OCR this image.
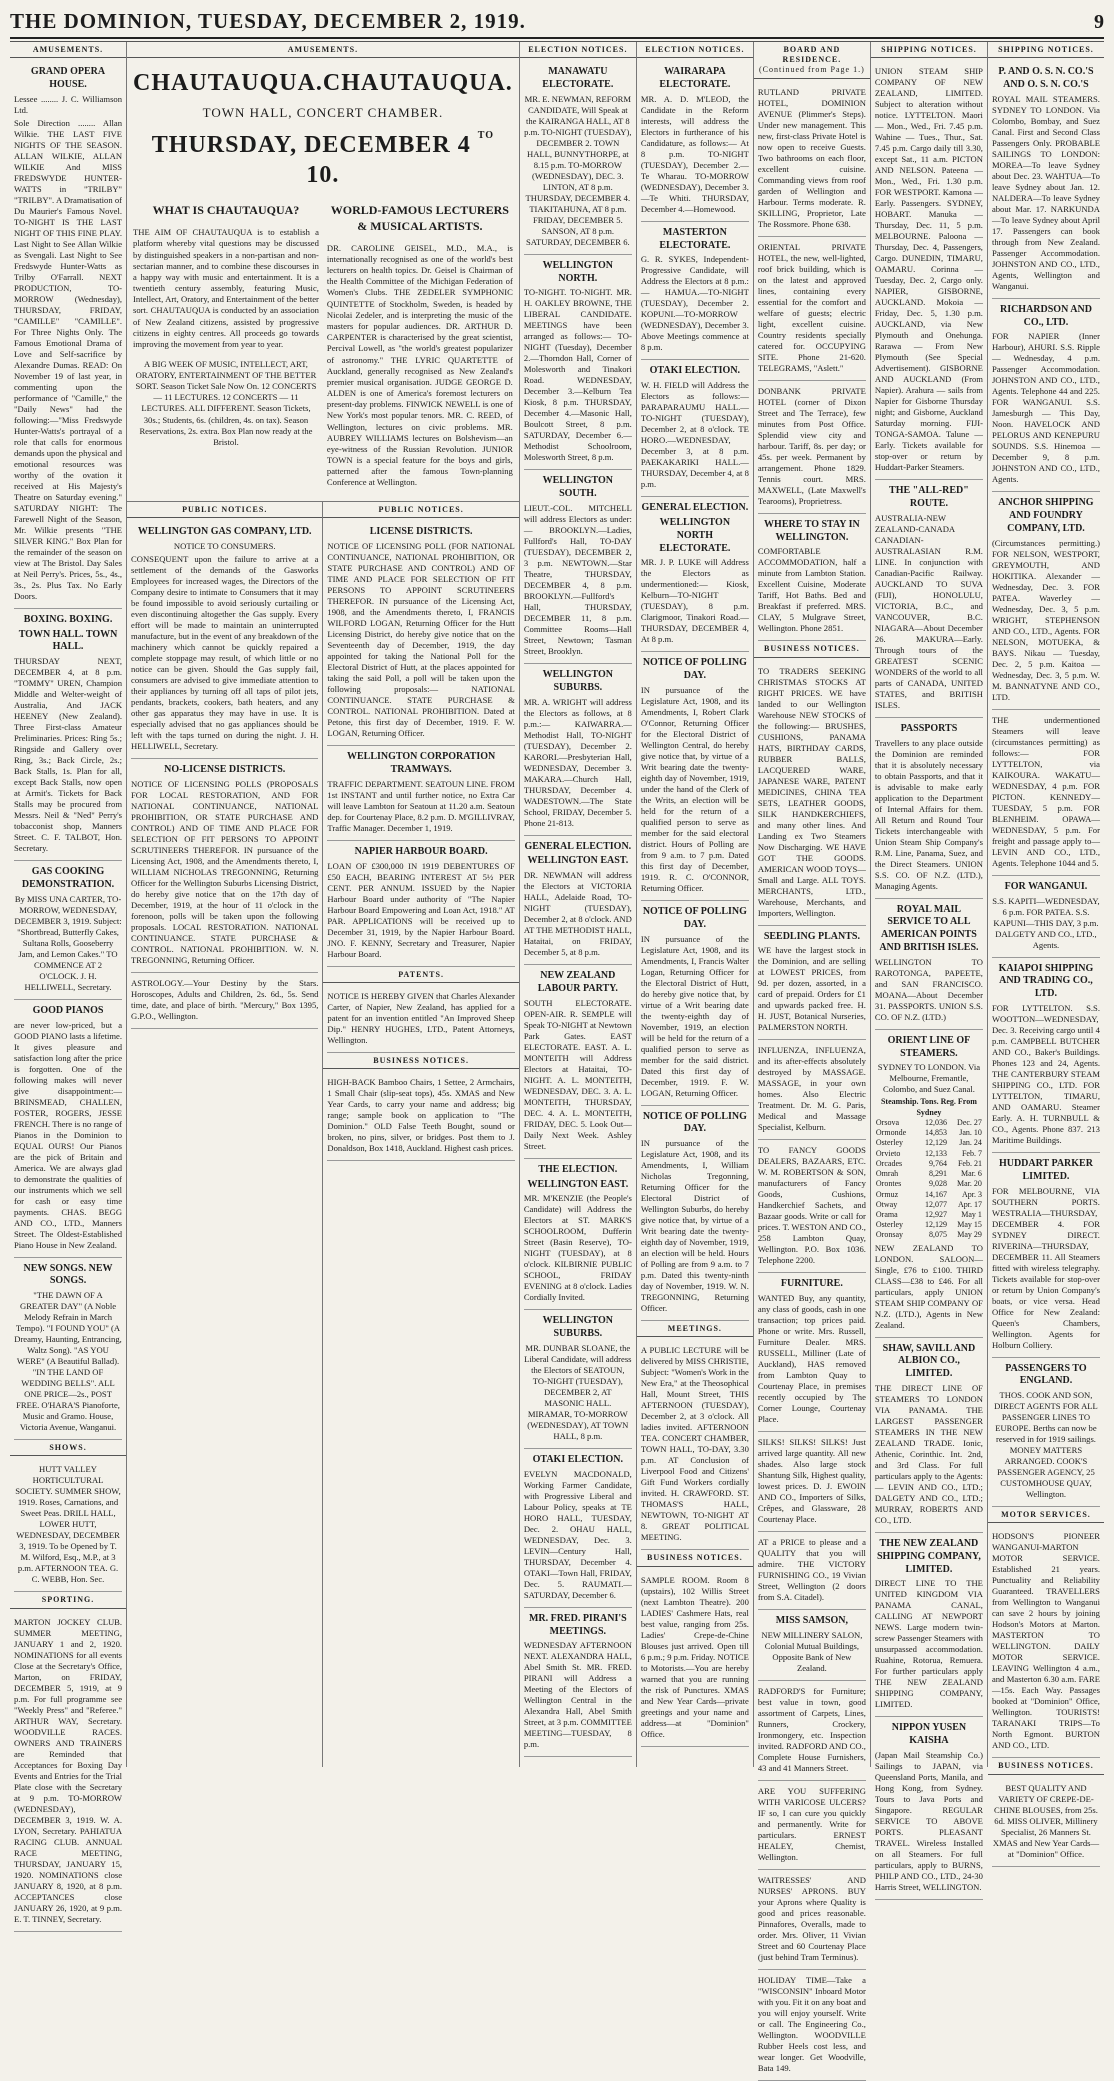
THE DOMINION, TUESDAY, DECEMBER 2, 1919.	9
AMUSEMENTS.
GRAND OPERA HOUSE.

Lessee ........ J. C. Williamson Ltd.

Sole Direction ........ Allan Wilkie. THE LAST FIVE NIGHTS OF THE SEASON. ALLAN WILKIE, ALLAN WILKIE And MISS FREDSWYDE HUNTER-WATTS in "TRILBY" "TRILBY". A Dramatisation of Du Maurier's Famous Novel. TO-NIGHT IS THE LAST NIGHT OF THIS FINE PLAY. Last Night to See Allan Wilkie as Svengali. Last Night to See Fredswyde Hunter-Watts as Trilby O'Farrall. NEXT PRODUCTION, TO-MORROW (Wednesday), THURSDAY, FRIDAY, "CAMILLE" "CAMILLE". For Three Nights Only. The Famous Emotional Drama of Love and Self-sacrifice by Alexandre Dumas. READ: On November 19 of last year, in commenting upon the performance of "Camille," the "Daily News" had the following:—"Miss Fredswyde Hunter-Watts's portrayal of a role that calls for enormous demands upon the physical and emotional resources was worthy of the ovation it received at His Majesty's Theatre on Saturday evening." SATURDAY NIGHT: The Farewell Night of the Season, Mr. Wilkie presents "THE SILVER KING." Box Plan for the remainder of the season on view at The Bristol. Day Sales at Neil Perry's. Prices, 5s., 4s., 3s., 2s. Plus Tax. No Early Doors.

BOXING. BOXING.
TOWN HALL. TOWN HALL.

THURSDAY NEXT, DECEMBER 4, at 8 p.m. "TOMMY" UREN, Champion Middle and Welter-weight of Australia, And JACK HEENEY (New Zealand). Three First-class Amateur Preliminaries. Prices: Ring 5s.; Ringside and Gallery over Ring, 3s.; Back Circle, 2s.; Back Stalls, 1s. Plan for all, except Back Stalls, now open at Armit's. Tickets for Back Stalls may be procured from Messrs. Neil & "Ned" Perry's tobacconist shop, Manners Street. C. F. TALBOT, Hon. Secretary.

GAS COOKING DEMONSTRATION.

By MISS UNA CARTER, TO-MORROW, WEDNESDAY, DECEMBER 3, 1919. Subject: "Shortbread, Butterfly Cakes, Sultana Rolls, Gooseberry Jam, and Lemon Cakes." TO COMMENCE AT 2 O'CLOCK. J. H. HELLIWELL, Secretary.

GOOD PIANOS

are never low-priced, but a GOOD PIANO lasts a lifetime. It gives pleasure and satisfaction long after the price is forgotten. One of the following makes will never give disappointment:— BRINSMEAD, CHALLEN, FOSTER, ROGERS, JESSE FRENCH. There is no range of Pianos in the Dominion to EQUAL OURS! Our Pianos are the pick of Britain and America. We are always glad to demonstrate the qualities of our instruments which we sell for cash or easy time payments. CHAS. BEGG AND CO., LTD., Manners Street. The Oldest-Established Piano House in New Zealand.

NEW SONGS. NEW SONGS.

"THE DAWN OF A GREATER DAY" (A Noble Melody Refrain in March Tempo). "I FOUND YOU" (A Dreamy, Haunting, Entrancing, Waltz Song). "AS YOU WERE" (A Beautiful Ballad). "IN THE LAND OF WEDDING BELLS". ALL ONE PRICE—2s., POST FREE. O'HARA'S Pianoforte, Music and Gramo. House, Victoria Avenue, Wanganui.

SHOWS.

HUTT VALLEY HORTICULTURAL SOCIETY. SUMMER SHOW, 1919. Roses, Carnations, and Sweet Peas. DRILL HALL, LOWER HUTT, WEDNESDAY, DECEMBER 3, 1919. To be Opened by T. M. Wilford, Esq., M.P., at 3 p.m. AFTERNOON TEA. G. C. WEBB, Hon. Sec.

SPORTING.

MARTON JOCKEY CLUB. SUMMER MEETING, JANUARY 1 and 2, 1920. NOMINATIONS for all events Close at the Secretary's Office, Marton, on FRIDAY, DECEMBER 5, 1919, at 9 p.m. For full programme see "Weekly Press" and "Referee." ARTHUR WAY, Secretary. WOODVILLE RACES. OWNERS AND TRAINERS are Reminded that Acceptances for Boxing Day Events and Entries for the Trial Plate close with the Secretary at 9 p.m. TO-MORROW (WEDNESDAY), DECEMBER 3, 1919. W. A. LYON, Secretary. PAHIATUA RACING CLUB. ANNUAL RACE MEETING, THURSDAY, JANUARY 15, 1920. NOMINATIONS close JANUARY 8, 1920, at 8 p.m. ACCEPTANCES close JANUARY 26, 1920, at 9 p.m. E. T. TINNEY, Secretary.

AMUSEMENTS.
CHAUTAUQUA. CHAUTAUQUA.
TOWN HALL, CONCERT CHAMBER.
THURSDAY, DECEMBER 4 $^{TO}$ 10.
WHAT IS CHAUTAUQUA?

THE AIM OF CHAUTAUQUA is to establish a platform whereby vital questions may be discussed by distinguished speakers in a non-partisan and non-sectarian manner, and to combine these discourses in a happy way with music and entertainment. It is a twentieth century assembly, featuring Music, Intellect, Art, Oratory, and Entertainment of the better sort. CHAUTAUQUA is conducted by an association of New Zealand citizens, assisted by progressive citizens in eighty centres. All proceeds go towards improving the movement from year to year.

A BIG WEEK OF MUSIC, INTELLECT, ART, ORATORY, ENTERTAINMENT OF THE BETTER SORT. Season Ticket Sale Now On. 12 CONCERTS — 11 LECTURES. 12 CONCERTS — 11 LECTURES. ALL DIFFERENT. Season Tickets, 30s.; Students, 6s. (children, 4s. on tax). Season Reservations, 2s. extra. Box Plan now ready at the Bristol.

WORLD-FAMOUS LECTURERS & MUSICAL ARTISTS.

DR. CAROLINE GEISEL, M.D., M.A., is internationally recognised as one of the world's best lecturers on health topics. Dr. Geisel is Chairman of the Health Committee of the Michigan Federation of Women's Clubs. THE ZEDELER SYMPHONIC QUINTETTE of Stockholm, Sweden, is headed by Nicolai Zedeler, and is interpreting the music of the masters for popular audiences. DR. ARTHUR D. CARPENTER is characterised by the great scientist, Percival Lowell, as "the world's greatest popularizer of astronomy." THE LYRIC QUARTETTE of Auckland, generally recognised as New Zealand's premier musical organisation. JUDGE GEORGE D. ALDEN is one of America's foremost lecturers on present-day problems. FINWICK NEWELL is one of New York's most popular tenors. MR. C. REED, of Wellington, lectures on civic problems. MR. AUBREY WILLIAMS lectures on Bolshevism—an eye-witness of the Russian Revolution. JUNIOR TOWN is a special feature for the boys and girls, patterned after the famous Town-planning Conference at Wellington.

PUBLIC NOTICES.
WELLINGTON GAS COMPANY, LTD.
NOTICE TO CONSUMERS.

CONSEQUENT upon the failure to arrive at a settlement of the demands of the Gasworks Employees for increased wages, the Directors of the Company desire to intimate to Consumers that it may be found impossible to avoid seriously curtailing or even discontinuing altogether the Gas supply. Every effort will be made to maintain an uninterrupted manufacture, but in the event of any breakdown of the machinery which cannot be quickly repaired a complete stoppage may result, of which little or no notice can be given. Should the Gas supply fail, consumers are advised to give immediate attention to their appliances by turning off all taps of pilot jets, pendants, brackets, cookers, bath heaters, and any other gas apparatus they may have in use. It is especially advised that no gas appliances should be left with the taps turned on during the night. J. H. HELLIWELL, Secretary.

NO-LICENSE DISTRICTS.

NOTICE OF LICENSING POLLS (PROPOSALS FOR LOCAL RESTORATION, AND FOR NATIONAL CONTINUANCE, NATIONAL PROHIBITION, OR STATE PURCHASE AND CONTROL) AND OF TIME AND PLACE FOR SELECTION OF FIT PERSONS TO APPOINT SCRUTINEERS THEREFOR. IN pursuance of the Licensing Act, 1908, and the Amendments thereto, I, WILLIAM NICHOLAS TREGONNING, Returning Officer for the Wellington Suburbs Licensing District, do hereby give notice that on the 17th day of December, 1919, at the hour of 11 o'clock in the forenoon, polls will be taken upon the following proposals. LOCAL RESTORATION. NATIONAL CONTINUANCE. STATE PURCHASE & CONTROL. NATIONAL PROHIBITION. W. N. TREGONNING, Returning Officer.

ASTROLOGY.—Your Destiny by the Stars. Horoscopes, Adults and Children, 2s. 6d., 5s. Send time, date, and place of birth. "Mercury," Box 1395, G.P.O., Wellington.

PUBLIC NOTICES.
LICENSE DISTRICTS.

NOTICE OF LICENSING POLL (FOR NATIONAL CONTINUANCE, NATIONAL PROHIBITION, OR STATE PURCHASE AND CONTROL) AND OF TIME AND PLACE FOR SELECTION OF FIT PERSONS TO APPOINT SCRUTINEERS THEREFOR. IN pursuance of the Licensing Act, 1908, and the Amendments thereto, I, FRANCIS WILFORD LOGAN, Returning Officer for the Hutt Licensing District, do hereby give notice that on the Seventeenth day of December, 1919, the day appointed for taking the National Poll for the Electoral District of Hutt, at the places appointed for taking the said Poll, a poll will be taken upon the following proposals:— NATIONAL CONTINUANCE. STATE PURCHASE & CONTROL. NATIONAL PROHIBITION. Dated at Petone, this first day of December, 1919. F. W. LOGAN, Returning Officer.

WELLINGTON CORPORATION TRAMWAYS.

TRAFFIC DEPARTMENT. SEATOUN LINE. FROM 1st INSTANT and until further notice, no Extra Car will leave Lambton for Seatoun at 11.20 a.m. Seatoun dep. for Courtenay Place, 8.2 p.m. D. M'GILLIVRAY, Traffic Manager. December 1, 1919.

NAPIER HARBOUR BOARD.

LOAN OF £300,000 IN 1919 DEBENTURES OF £50 EACH, BEARING INTEREST AT 5½ PER CENT. PER ANNUM. ISSUED by the Napier Harbour Board under authority of "The Napier Harbour Board Empowering and Loan Act, 1918." AT PAR. APPLICATIONS will be received up to December 31, 1919, by the Napier Harbour Board. JNO. F. KENNY, Secretary and Treasurer, Napier Harbour Board.

PATENTS.

NOTICE IS HEREBY GIVEN that Charles Alexander Carter, of Napier, New Zealand, has applied for a patent for an invention entitled "An Improved Sheep Dip." HENRY HUGHES, LTD., Patent Attorneys, Wellington.

BUSINESS NOTICES.

HIGH-BACK Bamboo Chairs, 1 Settee, 2 Armchairs, 1 Small Chair (slip-seat tops), 45s. XMAS and New Year Cards, to carry your name and address; big range; sample book on application to "The Dominion." OLD False Teeth Bought, sound or broken, no pins, silver, or bridges. Post them to J. Donaldson, Box 1418, Auckland. Highest cash prices.

ELECTION NOTICES.
MANAWATU ELECTORATE.

MR. E. NEWMAN, REFORM CANDIDATE, Will Speak at the KAIRANGA HALL, AT 8 p.m. TO-NIGHT (TUESDAY), DECEMBER 2. TOWN HALL, BUNNYTHORPE, at 8.15 p.m. TO-MORROW (WEDNESDAY), DEC. 3. LINTON, AT 8 p.m. THURSDAY, DECEMBER 4. TIAKITAHUNA, AT 8 p.m. FRIDAY, DECEMBER 5. SANSON, AT 8 p.m. SATURDAY, DECEMBER 6.

WELLINGTON NORTH.

TO-NIGHT. TO-NIGHT. MR. H. OAKLEY BROWNE, THE LIBERAL CANDIDATE. MEETINGS have been arranged as follows:— TO-NIGHT (Tuesday), December 2.—Thorndon Hall, Corner of Molesworth and Tinakori Road. WEDNESDAY, December 3.—Kelburn Tea Kiosk, 8 p.m. THURSDAY, December 4.—Masonic Hall, Boulcott Street, 8 p.m. SATURDAY, December 6.—Methodist Schoolroom, Molesworth Street, 8 p.m.

WELLINGTON SOUTH.

LIEUT.-COL. MITCHELL will address Electors as under:— BROOKLYN.—Ladies, Fullford's Hall, TO-DAY (TUESDAY), DECEMBER 2, 3 p.m. NEWTOWN.—Star Theatre, THURSDAY, DECEMBER 4, 8 p.m. BROOKLYN.—Fullford's Hall, THURSDAY, DECEMBER 11, 8 p.m. Committee Rooms—Hall Street, Newtown; Tasman Street, Brooklyn.

WELLINGTON SUBURBS.

MR. A. WRIGHT will address the Electors as follows, at 8 p.m.:— KAIWARRA.—Methodist Hall, TO-NIGHT (TUESDAY), December 2. KARORI.—Presbyterian Hall, WEDNESDAY, December 3. MAKARA.—Church Hall, THURSDAY, December 4. WADESTOWN.—The State School, FRIDAY, December 5. Phone 21-813.

GENERAL ELECTION.
WELLINGTON EAST.

DR. NEWMAN will address the Electors at VICTORIA HALL, Adelaide Road, TO-NIGHT (TUESDAY), December 2, at 8 o'clock. AND AT THE METHODIST HALL, Hataitai, on FRIDAY, December 5, at 8 p.m.

NEW ZEALAND LABOUR PARTY.

SOUTH ELECTORATE. OPEN-AIR. R. SEMPLE will Speak TO-NIGHT at Newtown Park Gates. EAST ELECTORATE. EAST. A. L. MONTEITH will Address Electors at Hataitai, TO-NIGHT. A. L. MONTEITH, WEDNESDAY, DEC. 3. A. L. MONTEITH, THURSDAY, DEC. 4. A. L. MONTEITH, FRIDAY, DEC. 5. Look Out—Daily Next Week. Ashley Street.

THE ELECTION.
WELLINGTON EAST.

MR. M'KENZIE (the People's Candidate) will Address the Electors at ST. MARK'S SCHOOLROOM, Dufferin Street (Basin Reserve), TO-NIGHT (TUESDAY), at 8 o'clock. KILBIRNIE PUBLIC SCHOOL, FRIDAY EVENING at 8 o'clock. Ladies Cordially Invited.

WELLINGTON SUBURBS.

MR. DUNBAR SLOANE, the Liberal Candidate, will address the Electors of SEATOUN, TO-NIGHT (TUESDAY), DECEMBER 2, AT MASONIC HALL. MIRAMAR, TO-MORROW (WEDNESDAY), AT TOWN HALL, 8 p.m.

OTAKI ELECTION.

EVELYN MACDONALD, Working Farmer Candidate, with Progressive Liberal and Labour Policy, speaks at TE HORO HALL, TUESDAY, Dec. 2. OHAU HALL, WEDNESDAY, Dec. 3. LEVIN—Century Hall, THURSDAY, December 4. OTAKI—Town Hall, FRIDAY, Dec. 5. RAUMATI.—SATURDAY, December 6.

MR. FRED. PIRANI'S MEETINGS.

WEDNESDAY AFTERNOON NEXT. ALEXANDRA HALL, Abel Smith St. MR. FRED. PIRANI will Address a Meeting of the Electors of Wellington Central in the Alexandra Hall, Abel Smith Street, at 3 p.m. COMMITTEE MEETING—TUESDAY, 8 p.m.

ELECTION NOTICES.
WAIRARAPA ELECTORATE.

MR. A. D. M'LEOD, the Candidate in the Reform interests, will address the Electors in furtherance of his Candidature, as follows:— At 8 p.m. TO-NIGHT (TUESDAY), December 2.—Te Wharau. TO-MORROW (WEDNESDAY), December 3.—Te Whiti. THURSDAY, December 4.—Homewood.

MASTERTON ELECTORATE.

G. R. SYKES, Independent-Progressive Candidate, will Address the Electors at 8 p.m.:— HAMUA.—TO-NIGHT (TUESDAY), December 2. KOPUNI.—TO-MORROW (WEDNESDAY), December 3. Above Meetings commence at 8 p.m.

OTAKI ELECTION.

W. H. FIELD will Address the Electors as follows:— PARAPARAUMU HALL.—TO-NIGHT (TUESDAY), December 2, at 8 o'clock. TE HORO.—WEDNESDAY, December 3, at 8 p.m. PAEKAKARIKI HALL.—THURSDAY, December 4, at 8 p.m.

GENERAL ELECTION.
WELLINGTON NORTH ELECTORATE.

MR. J. P. LUKE will Address the Electors as undermentioned:— Kiosk, Kelburn—TO-NIGHT (TUESDAY), 8 p.m. Clarigmoor, Tinakori Road.—THURSDAY, DECEMBER 4, At 8 p.m.

NOTICE OF POLLING DAY.

IN pursuance of the Legislature Act, 1908, and its Amendments, I, Robert Clark O'Connor, Returning Officer for the Electoral District of Wellington Central, do hereby give notice that, by virtue of a Writ bearing date the twenty-eighth day of November, 1919, under the hand of the Clerk of the Writs, an election will be held for the return of a qualified person to serve as member for the said electoral district. Hours of Polling are from 9 a.m. to 7 p.m. Dated this first day of December, 1919. R. C. O'CONNOR, Returning Officer.

NOTICE OF POLLING DAY.

IN pursuance of the Legislature Act, 1908, and its Amendments, I, Francis Walter Logan, Returning Officer for the Electoral District of Hutt, do hereby give notice that, by virtue of a Writ bearing date the twenty-eighth day of November, 1919, an election will be held for the return of a qualified person to serve as member for the said district. Dated this first day of December, 1919. F. W. LOGAN, Returning Officer.

NOTICE OF POLLING DAY.

IN pursuance of the Legislature Act, 1908, and its Amendments, I, William Nicholas Tregonning, Returning Officer for the Electoral District of Wellington Suburbs, do hereby give notice that, by virtue of a Writ bearing date the twenty-eighth day of November, 1919, an election will be held. Hours of Polling are from 9 a.m. to 7 p.m. Dated this twenty-ninth day of November, 1919. W. N. TREGONNING, Returning Officer.

MEETINGS.

A PUBLIC LECTURE will be delivered by MISS CHRISTIE, Subject: "Women's Work in the New Era," at the Theosophical Hall, Mount Street, THIS AFTERNOON (TUESDAY), December 2, at 3 o'clock. All ladies invited. AFTERNOON TEA. CONCERT CHAMBER, TOWN HALL, TO-DAY, 3.30 p.m. AT Conclusion of Liverpool Food and Citizens' Gift Fund Workers cordially invited. H. CRAWFORD. ST. THOMAS'S HALL, NEWTOWN, TO-NIGHT AT 8. GREAT POLITICAL MEETING.

BUSINESS NOTICES.

SAMPLE ROOM. Room 8 (upstairs), 102 Willis Street (next Lambton Theatre). 200 LADIES' Cashmere Hats, real best value, ranging from 25s. Ladies' Crepe-de-Chine Blouses just arrived. Open till 6 p.m.; 9 p.m. Friday. NOTICE to Motorists.—You are hereby warned that you are running the risk of Punctures. XMAS and New Year Cards—private greetings and your name and address—at "Dominion" Office.

BOARD AND RESIDENCE.
(Continued from Page 1.)

RUTLAND PRIVATE HOTEL, DOMINION AVENUE (Plimmer's Steps). Under new management. This new, first-class Private Hotel is now open to receive Guests. Two bathrooms on each floor, excellent cuisine. Commanding views from roof garden of Wellington and Harbour. Terms moderate. R. SKILLING, Proprietor, Late The Rossmore. Phone 638.

ORIENTAL PRIVATE HOTEL, the new, well-lighted, roof brick building, which is on the latest and approved lines, containing every essential for the comfort and welfare of guests; electric light, excellent cuisine. Country residents specially catered for. OCCUPYING SITE. Phone 21-620. TELEGRAMS, "Aslett."

DONBANK PRIVATE HOTEL (corner of Dixon Street and The Terrace), few minutes from Post Office. Splendid view city and harbour. Tariff, 8s. per day; or 45s. per week. Permanent by arrangement. Phone 1829. Tennis court. MRS. MAXWELL, (Late Maxwell's Tearooms), Proprietress.

WHERE TO STAY IN WELLINGTON.

COMFORTABLE ACCOMMODATION, half a minute from Lambton Station. Excellent Cuisine, Moderate Tariff, Hot Baths. Bed and Breakfast if preferred. MRS. CLAY, 5 Mulgrave Street, Wellington. Phone 2851.

BUSINESS NOTICES.

TO TRADERS SEEKING CHRISTMAS STOCKS AT RIGHT PRICES. WE have landed to our Wellington Warehouse NEW STOCKS of the following:— BRUSHES, CUSHIONS, PANAMA HATS, BIRTHDAY CARDS, RUBBER BALLS, LACQUERED WARE, JAPANESE WARE, PATENT MEDICINES, CHINA TEA SETS, LEATHER GOODS, SILK HANDKERCHIEFS, and many other lines. And Landing ex Two Steamers Now Discharging. WE HAVE GOT THE GOODS. AMERICAN WOOD TOYS—Small and Large. ALL TOYS. MERCHANTS, LTD., Warehouse, Merchants, and Importers, Wellington.

SEEDLING PLANTS.

WE have the largest stock in the Dominion, and are selling at LOWEST PRICES, from 9d. per dozen, assorted, in a card of prepaid. Orders for £1 and upwards packed free. H. H. JUST, Botanical Nurseries, PALMERSTON NORTH.

INFLUENZA, INFLUENZA, and its after-effects absolutely destroyed by MASSAGE. MASSAGE, in your own homes. Also Electric Treatment. Dr. M. G. Paris, Medical and Massage Specialist, Kelburn.

TO FANCY GOODS DEALERS, BAZAARS, ETC. W. M. ROBERTSON & SON, manufacturers of Fancy Goods, Cushions, Handkerchief Sachets, and Bazaar goods. Write or call for prices. T. WESTON AND CO., 258 Lambton Quay, Wellington. P.O. Box 1036. Telephone 2200.

FURNITURE.

WANTED Buy, any quantity, any class of goods, cash in one transaction; top prices paid. Phone or write. Mrs. Russell, Furniture Dealer. MRS. RUSSELL, Milliner (Late of Auckland), HAS removed from Lambton Quay to Courtenay Place, in premises recently occupied by The Corner Lounge, Courtenay Place.

SILKS! SILKS! SILKS! Just arrived large quantity. All new shades. Also large stock Shantung Silk, Highest quality, lowest prices. D. J. EWOIN AND CO., Importers of Silks, Crêpes, and Glassware, 28 Courtenay Place.

AT a PRICE to please and a QUALITY that you will admire. THE VICTORY FURNISHING CO., 19 Vivian Street, Wellington (2 doors from S.A. Citadel).

MISS SAMSON,

NEW MILLINERY SALON, Colonial Mutual Buildings, Opposite Bank of New Zealand.

RADFORD'S for Furniture; best value in town, good assortment of Carpets, Lines, Runners, Crockery, Ironmongery, etc. Inspection invited. RADFORD AND CO., Complete House Furnishers, 43 and 41 Manners Street.

ARE YOU SUFFERING WITH VARICOSE ULCERS? IF so, I can cure you quickly and permanently. Write for particulars. ERNEST HEALEY, Chemist, Wellington.

WAITRESSES' AND NURSES' APRONS. BUY your Aprons where Quality is good and prices reasonable. Pinnafores, Overalls, made to order. Mrs. Oliver, 11 Vivian Street and 60 Courtenay Place (just behind Tram Terminus).

HOLIDAY TIME—Take a "WISCONSIN" Inboard Motor with you. Fit it on any boat and you will enjoy yourself. Write or call. The Engineering Co., Wellington. WOODVILLE Rubber Heels cost less, and wear longer. Get Woodville, Bata 149.

SHIPPING NOTICES.

UNION STEAM SHIP COMPANY OF NEW ZEALAND, LIMITED. Subject to alteration without notice. LYTTELTON. Maori — Mon., Wed., Fri. 7.45 p.m. Wahine — Tues., Thur., Sat. 7.45 p.m. Cargo daily till 3.30, except Sat., 11 a.m. PICTON AND NELSON. Pateena — Mon., Wed., Fri. 1.30 p.m. FOR WESTPORT. Kamona — Early. Passengers. SYDNEY, HOBART. Manuka — Thursday, Dec. 11, 5 p.m. MELBOURNE. Paloona — Thursday, Dec. 4, Passengers, Cargo. DUNEDIN, TIMARU, OAMARU. Corinna — Tuesday, Dec. 2, Cargo only. NAPIER, GISBORNE, AUCKLAND. Mokoia — Friday, Dec. 5, 1.30 p.m. AUCKLAND, via New Plymouth and Onehunga. Rarawa — From New Plymouth (See Special Advertisement). GISBORNE AND AUCKLAND (From Napier). Arahura — sails from Napier for Gisborne Thursday night; and Gisborne, Auckland Saturday morning. FIJI-TONGA-SAMOA. Talune — Early. Tickets available for stop-over or return by Huddart-Parker Steamers.

THE "ALL-RED" ROUTE.

AUSTRALIA-NEW ZEALAND-CANADA CANADIAN-AUSTRALASIAN R.M. LINE. In conjunction with Canadian-Pacific Railway. AUCKLAND TO SUVA (FIJI), HONOLULU, VICTORIA, B.C., and VANCOUVER, B.C. NIAGARA—About December 26. MAKURA—Early. Through tours of the GREATEST SCENIC WONDERS of the world to all parts of CANADA, UNITED STATES, and BRITISH ISLES.

PASSPORTS

Travellers to any place outside the Dominion are reminded that it is absolutely necessary to obtain Passports, and that it is advisable to make early application to the Department of Internal Affairs for them. All Return and Round Tour Tickets interchangeable with Union Steam Ship Company's R.M. Line, Panama, Suez, and the Direct Steamers. UNION S.S. CO. OF N.Z. (LTD.), Managing Agents.

ROYAL MAIL SERVICE TO ALL AMERICAN POINTS AND BRITISH ISLES.

WELLINGTON TO RAROTONGA, PAPEETE, and SAN FRANCISCO. MOANA—About December 31. PASSPORTS. UNION S.S. CO. OF N.Z. (LTD.)

ORIENT LINE OF STEAMERS.

SYDNEY TO LONDON. Via Melbourne, Fremantle, Colombo, and Suez Canal.

Steamship. Tons. Reg. From Sydney
Orsova	12,036	Dec. 27
Ormonde	14,853	Jan. 10
Osterley	12,129	Jan. 24
Orvieto	12,133	Feb. 7
Orcades	9,764	Feb. 21
Omrah	8,291	Mar. 6
Orontes	9,028	Mar. 20
Ormuz	14,167	Apr. 3
Otway	12,077	Apr. 17
Orama	12,927	May 1
Osterley	12,129	May 15
Oronsay	8,075	May 29

NEW ZEALAND TO LONDON. SALOON—Single, £76 to £100. THIRD CLASS—£38 to £46. For all particulars, apply UNION STEAM SHIP COMPANY OF N.Z. (LTD.), Agents in New Zealand.

SHAW, SAVILL AND ALBION CO., LIMITED.

THE DIRECT LINE OF STEAMERS TO LONDON VIA PANAMA. THE LARGEST PASSENGER STEAMERS IN THE NEW ZEALAND TRADE. Ionic, Athenic, Corinthic. Int. 2nd, and 3rd Class. For full particulars apply to the Agents:— LEVIN AND CO., LTD.; DALGETY AND CO., LTD.; MURRAY, ROBERTS AND CO., LTD.

THE NEW ZEALAND SHIPPING COMPANY, LIMITED.

DIRECT LINE TO THE UNITED KINGDOM VIA PANAMA CANAL, CALLING AT NEWPORT NEWS. Large modern twin-screw Passenger Steamers with unsurpassed accommodation. Ruahine, Rotorua, Remuera. For further particulars apply THE NEW ZEALAND SHIPPING COMPANY, LIMITED.

NIPPON YUSEN KAISHA

(Japan Mail Steamship Co.) Sailings to JAPAN, via Queensland Ports, Manila, and Hong Kong, from Sydney. Tours to Java Ports and Singapore. REGULAR SERVICE TO ABOVE PORTS. PLEASANT TRAVEL. Wireless Installed on all Steamers. For full particulars, apply to BURNS, PHILP AND CO., LTD., 24-30 Harris Street, WELLINGTON.

SHIPPING NOTICES.
P. AND O. S. N. CO.'S AND O. S. N. CO.'S

ROYAL MAIL STEAMERS. SYDNEY TO LONDON. Via Colombo, Bombay, and Suez Canal. First and Second Class Passengers Only. PROBABLE SAILINGS TO LONDON: MOREA—To leave Sydney about Dec. 23. WAHTUA—To leave Sydney about Jan. 12. NALDERA—To leave Sydney about Mar. 17. NARKUNDA—To leave Sydney about April 17. Passengers can book through from New Zealand. Passenger Accommodation. JOHNSTON AND CO., LTD., Agents, Wellington and Wanganui.

RICHARDSON AND CO., LTD.

FOR NAPIER (Inner Harbour), AHURI. S.S. Ripple — Wednesday, 4 p.m. Passenger Accommodation. JOHNSTON AND CO., LTD., Agents. Telephone 44 and 225. FOR WANGANUI. S.S. Jamesburgh — This Day, Noon. HAVELOCK AND PELORUS AND KENEPURU SOUNDS. S.S. Hinemoa — December 9, 8 p.m. JOHNSTON AND CO., LTD., Agents.

ANCHOR SHIPPING AND FOUNDRY COMPANY, LTD.

(Circumstances permitting.) FOR NELSON, WESTPORT, GREYMOUTH, AND HOKITIKA. Alexander — Wednesday, Dec. 3. FOR PATEA. Waverley — Wednesday, Dec. 3, 5 p.m. WRIGHT, STEPHENSON AND CO., LTD., Agents. FOR NELSON, MOTUEKA, & BAYS. Nikau — Tuesday, Dec. 2, 5 p.m. Kaitoa — Wednesday, Dec. 3, 5 p.m. W. M. BANNATYNE AND CO., LTD.

THE undermentioned Steamers will leave (circumstances permitting) as follows:— FOR LYTTELTON, via KAIKOURA. WAKATU—WEDNESDAY, 4 p.m. FOR PICTON. KENNEDY—TUESDAY, 5 p.m. FOR BLENHEIM. OPAWA—WEDNESDAY, 5 p.m. For freight and passage apply to— LEVIN AND CO., LTD., Agents. Telephone 1044 and 5.

FOR WANGANUI.

S.S. KAPITI—WEDNESDAY, 6 p.m. FOR PATEA. S.S. KAPUNI—THIS DAY, 3 p.m. DALGETY AND CO., LTD., Agents.

KAIAPOI SHIPPING AND TRADING CO., LTD.

FOR LYTTELTON. S.S. WOOTTON—WEDNESDAY, Dec. 3. Receiving cargo until 4 p.m. CAMPBELL BUTCHER AND CO., Baker's Buildings. Phones 123 and 24, Agents. THE CANTERBURY STEAM SHIPPING CO., LTD. FOR LYTTELTON, TIMARU, AND OAMARU. Steamer Early. A. H. TURNBULL & CO., Agents. Phone 837. 213 Maritime Buildings.

HUDDART PARKER LIMITED.

FOR MELBOURNE, VIA SOUTHERN PORTS. WESTRALIA—THURSDAY, DECEMBER 4. FOR SYDNEY DIRECT. RIVERINA—THURSDAY, DECEMBER 11. All Steamers fitted with wireless telegraphy. Tickets available for stop-over or return by Union Company's boats, or vice versa. Head Office for New Zealand: Queen's Chambers, Wellington. Agents for Holburn Colliery.

PASSENGERS TO ENGLAND.

THOS. COOK AND SON, DIRECT AGENTS FOR ALL PASSENGER LINES TO EUROPE. Berths can now be reserved in for 1919 sailings. MONEY MATTERS ARRANGED. COOK'S PASSENGER AGENCY, 25 CUSTOMHOUSE QUAY, Wellington.

MOTOR SERVICES.

HODSON'S PIONEER WANGANUI-MARTON MOTOR SERVICE. Established 21 years. Punctuality and Reliability Guaranteed. TRAVELLERS from Wellington to Wanganui can save 2 hours by joining Hodson's Motors at Marton. MASTERTON TO WELLINGTON. DAILY MOTOR SERVICE. LEAVING Wellington 4 a.m., and Masterton 6.30 a.m. FARE—15s. Each Way. Passages booked at "Dominion" Office, Wellington. TOURISTS! TARANAKI TRIPS—To North Egmont. BURTON AND CO., LTD.

BUSINESS NOTICES.

BEST QUALITY AND VARIETY OF CREPE-DE-CHINE BLOUSES, from 25s. 6d. MISS OLIVER, Millinery Specialist, 26 Manners St. XMAS and New Year Cards—at "Dominion" Office.
